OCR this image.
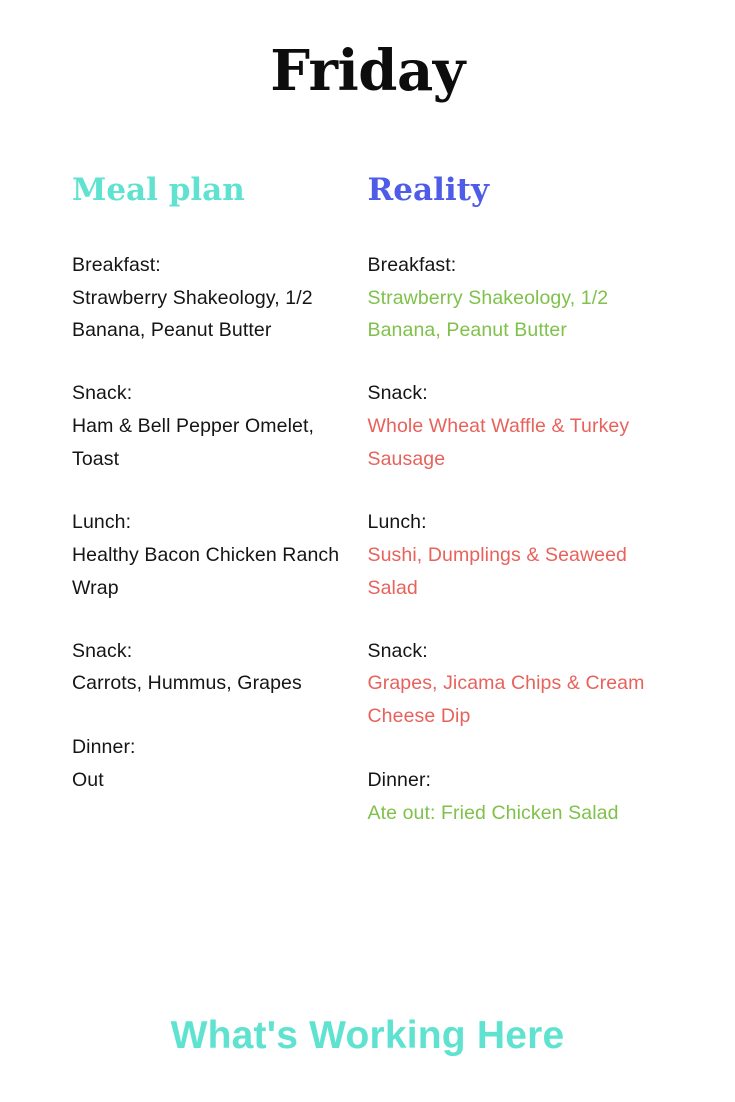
Friday
Meal plan
Breakfast:
Strawberry Shakeology, 1/2 Banana, Peanut Butter
Snack:
Ham & Bell Pepper Omelet, Toast
Lunch:
Healthy Bacon Chicken Ranch Wrap
Snack:
Carrots, Hummus, Grapes
Dinner:
Out
Reality
Breakfast:
Strawberry Shakeology, 1/2 Banana, Peanut Butter
Snack:
Whole Wheat Waffle & Turkey Sausage
Lunch:
Sushi, Dumplings & Seaweed Salad
Snack:
Grapes, Jicama Chips & Cream Cheese Dip
Dinner:
Ate out: Fried Chicken Salad
What's Working Here
